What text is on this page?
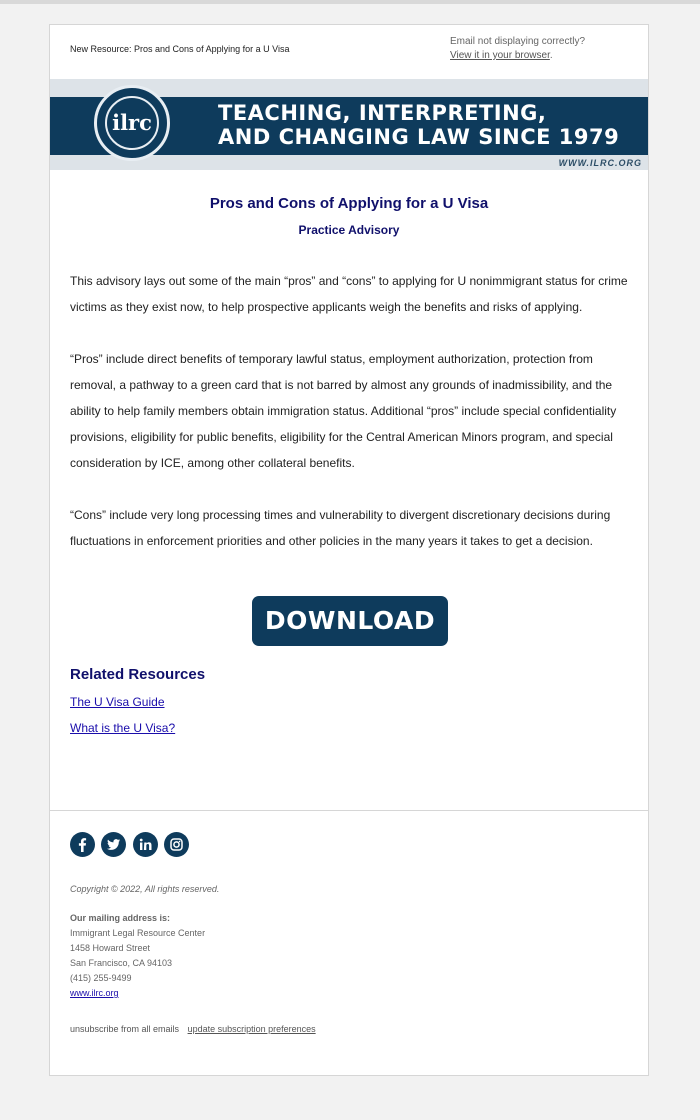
New Resource: Pros and Cons of Applying for a U Visa
Email not displaying correctly?
View it in your browser.
ilrc	TEACHING, INTERPRETING,
AND CHANGING LAW SINCE 1979
WWW.ILRC.ORG
Pros and Cons of Applying for a U Visa
Practice Advisory

This advisory lays out some of the main “pros” and “cons” to applying for U nonimmigrant status for crime victims as they exist now, to help prospective applicants weigh the benefits and risks of applying.

“Pros” include direct benefits of temporary lawful status, employment authorization, protection from removal, a pathway to a green card that is not barred by almost any grounds of inadmissibility, and the ability to help family members obtain immigration status. Additional “pros” include special confidentiality provisions, eligibility for public benefits, eligibility for the Central American Minors program, and special consideration by ICE, among other collateral benefits.

“Cons” include very long processing times and vulnerability to divergent discretionary decisions during fluctuations in enforcement priorities and other policies in the many years it takes to get a decision.

DOWNLOAD
Related Resources
The U Visa Guide
What is the U Visa?

Copyright © 2022, All rights reserved.
Our mailing address is:
Immigrant Legal Resource Center
1458 Howard Street
San Francisco, CA 94103
(415) 255-9499
www.ilrc.org
unsubscribe from all emails update subscription preferences
